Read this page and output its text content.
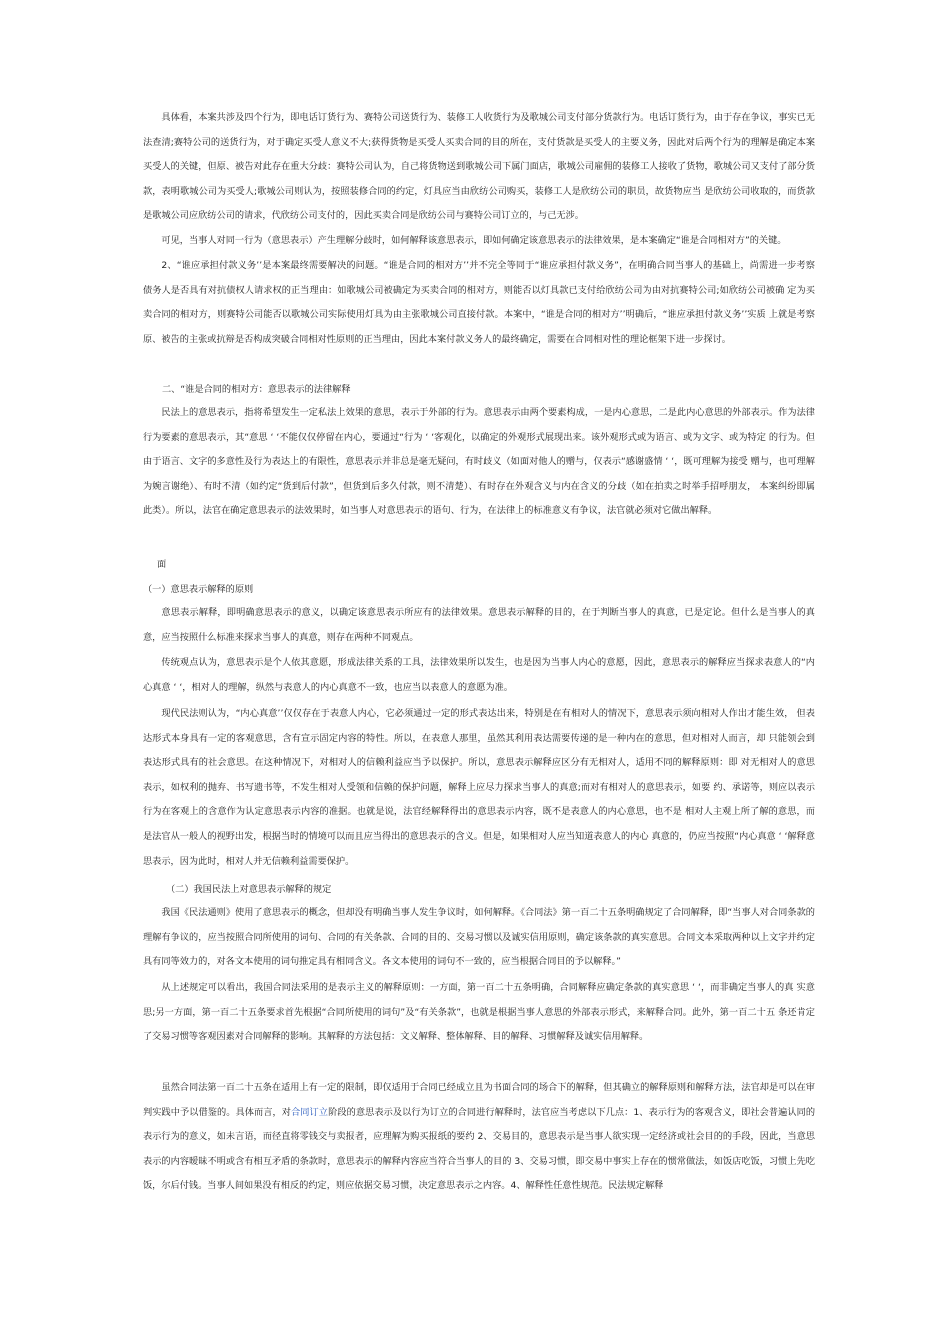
具体看，本案共涉及四个行为，即电话订货行为、赛特公司送货行为、装修工人收货行为及歌城公司支付部分货款行为。电话订货行为，由于存在争议，事实已无法查清;赛特公司的送货行为，对于确定买受人意义不大;获得货物是买受人买卖合同的目的所在，支付货款是买受人的主要义务，因此对后两个行为的理解是确定本案买受人的关键，但原、被告对此存在重大分歧：赛特公司认为，自己将货物送到歌城公司下属门面店，歌城公司雇佣的装修工人接收了货物，歌城公司又支付了部分货款，表明歌城公司为买受人;歌城公司则认为，按照装修合同的约定，灯具应当由欣纺公司购买，装修工人是欣纺公司的职员，故货物应当 是欣纺公司收取的，而货款是歌城公司应欣纺公司的请求，代欣纺公司支付的，因此买卖合同是欣纺公司与赛特公司订立的，与己无涉。

可见，当事人对同一行为（意思表示）产生理解分歧时，如何解释该意思表示，即如何确定该意思表示的法律效果，是本案确定“谁是合同相对方”的关键。

2、“谁应承担付款义务’’是本案最终需要解决的问题。“谁是合同的相对方’’并不完全等同于“谁应承担付款义务”，在明确合同当事人的基础上，尚需进一步考察 债务人是否具有对抗债权人请求权的正当理由：如歌城公司被确定为买卖合同的相对方，则能否以灯具款已支付给欣纺公司为由对抗赛特公司;如欣纺公司被确 定为买卖合同的相对方，则赛特公司能否以歌城公司实际使用灯具为由主张歌城公司直接付款。本案中，“谁是合同的相对方’’明确后，“谁应承担付款义务’’实质 上就是考察原、被告的主张或抗辩是否构成突破合同相对性原则的正当理由，因此本案付款义务人的最终确定，需要在合同相对性的理论框架下进一步探讨。

二、“谁是合同的相对方：意思表示的法律解释

民法上的意思表示，指将希望发生一定私法上效果的意思，表示于外部的行为。意思表示由两个要素构成，一是内心意思，二是此内心意思的外部表示。作为法律行为要素的意思表示，其“意思 ‘ ‘不能仅仅停留在内心，要通过“行为 ‘ ‘客观化，以确定的外观形式展现出来。该外观形式或为语言、或为文字、或为特定 的行为。但由于语言、文字的多意性及行为表达上的有限性，意思表示并非总是毫无疑问，有时歧义（如面对他人的赠与，仅表示“感谢盛情 ‘ ‘，既可理解为接受 赠与，也可理解为婉言谢绝）、有时不清（如约定“货到后付款”，但货到后多久付款，则不清楚）、有时存在外观含义与内在含义的分歧（如在拍卖之时举手招呼朋友， 本案纠纷即属此类）。所以，法官在确定意思表示的法效果时，如当事人对意思表示的语句、行为，在法律上的标准意义有争议，法官就必须对它做出解释。

面

（一）意思表示解释的原则

意思表示解释，即明确意思表示的意义，以确定该意思表示所应有的法律效果。意思表示解释的目的，在于判断当事人的真意，已是定论。但什么是当事人的真意，应当按照什么标准来探求当事人的真意，则存在两种不同观点。

传统观点认为，意思表示是个人依其意愿，形成法律关系的工具，法律效果所以发生，也是因为当事人内心的意愿，因此，意思表示的解释应当探求表意人的“内心真意 ‘ ‘，相对人的理解，纵然与表意人的内心真意不一致，也应当以表意人的意愿为准。

现代民法则认为，“内心真意’’仅仅存在于表意人内心，它必须通过一定的形式表达出来，特别是在有相对人的情况下，意思表示须向相对人作出才能生效， 但表达形式本身具有一定的客观意思，含有宣示固定内容的特性。所以，在表意人那里，虽然其利用表达需要传递的是一种内在的意思，但对相对人而言，却 只能领会到表达形式具有的社会意思。在这种情况下，对相对人的信赖利益应当予以保护。所以，意思表示解释应区分有无相对人，适用不同的解释原则：即 对无相对人的意思表示，如权利的抛弃、书写遗书等，不发生相对人受领和信赖的保护问题，解释上应尽力探求当事人的真意;而对有相对人的意思表示，如要 约、承诺等，则应以表示行为在客观上的含意作为认定意思表示内容的准据。也就是说，法官经解释得出的意思表示内容，既不是表意人的内心意思，也不是 相对人主观上所了解的意思，而是法官从一般人的视野出发，根据当时的情境可以而且应当得出的意思表示的含义。但是，如果相对人应当知道表意人的内心 真意的，仍应当按照“内心真意 ‘ ‘解释意思表示，因为此时，相对人并无信赖利益需要保护。

（二）我国民法上对意思表示解释的规定

我国《民法通则》使用了意思表示的概念，但却没有明确当事人发生争议时，如何解释。《合同法》第一百二十五条明确规定了合同解释，即“当事人对合同条款的理解有争议的，应当按照合同所使用的词句、合同的有关条款、合同的目的、交易习惯以及诚实信用原则，确定该条款的真实意思。合同文本采取两种以上文字并约定具有同等效力的，对各文本使用的词句推定具有相同含义。各文本使用的词句不一致的，应当根据合同目的予以解释。”

从上述规定可以看出，我国合同法采用的是表示主义的解释原则：一方面，第一百二十五条明确，合同解释应确定条款的真实意思 ‘ ‘，而非确定当事人的真 实意思;另一方面，第一百二十五条要求首先根据“合同所使用的词句”及“有关条款”，也就是根据当事人意思的外部表示形式，来解释合同。此外，第一百二十五 条还肯定了交易习惯等客观因素对合同解释的影响。其解释的方法包括：文义解释、整体解释、目的解释、习惯解释及诚实信用解释。

虽然合同法第一百二十五条在适用上有一定的限制，即仅适用于合同已经成立且为书面合同的场合下的解释，但其确立的解释原则和解释方法，法官却是可以在审判实践中予以借鉴的。具体而言，对合同订立阶段的意思表示及以行为订立的合同进行解释时，法官应当考虑以下几点：1、表示行为的客观含义，即社会普遍认同的表示行为的意义，如未言语，而径直将零钱交与卖报者，应理解为购买报纸的要约 2、交易目的，意思表示是当事人欲实现一定经济或社会目的的手段，因此，当意思表示的内容暧昧不明或含有相互矛盾的条款时，意思表示的解释内容应当符合当事人的目的 3、交易习惯，即交易中事实上存在的惯常做法，如饭店吃饭，习惯上先吃饭，尔后付钱。当事人间如果没有相反的约定，则应依据交易习惯，决定意思表示之内容。4、解释性任意性规范。民法规定解释
